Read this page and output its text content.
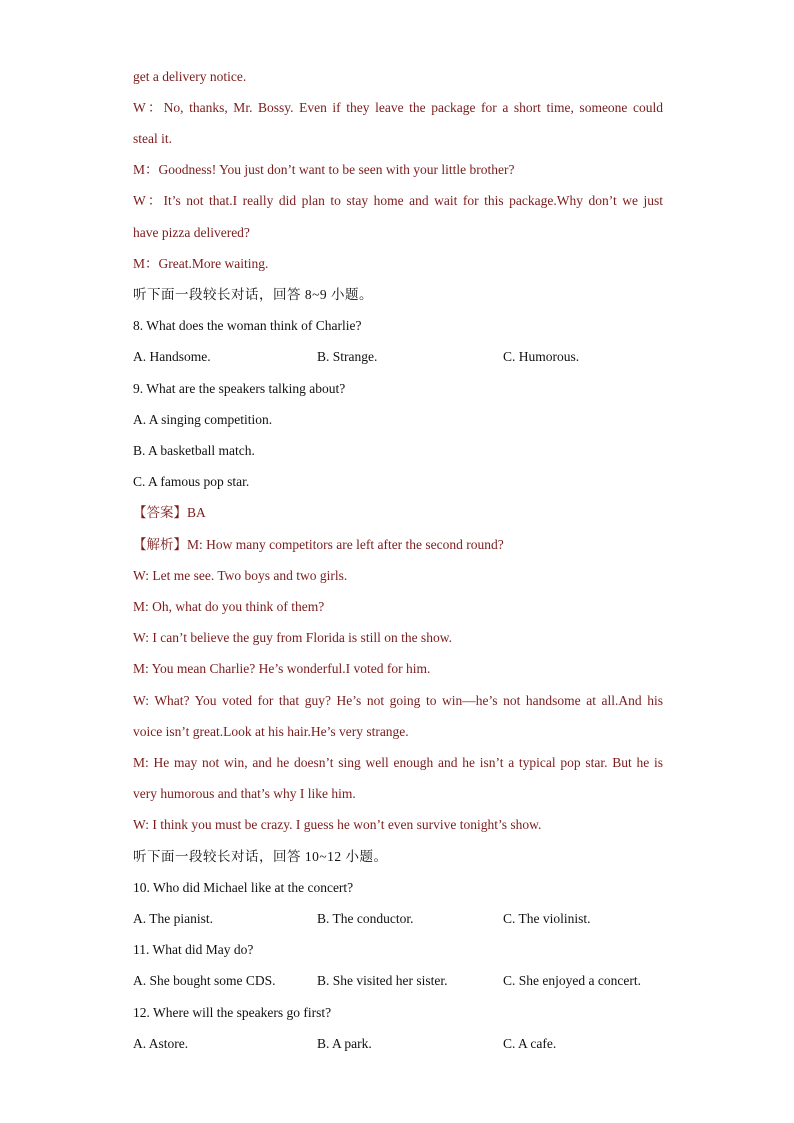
get a delivery notice.
W：No, thanks, Mr. Bossy. Even if they leave the package for a short time, someone could
steal it.
M：Goodness! You just don’t want to be seen with your little brother?
W：It’s not that.I really did plan to stay home and wait for this package.Why don’t we just
have pizza delivered?
M：Great.More waiting.
听下面一段较长对话，回答 8~9 小题。
8. What does the woman think of Charlie?
A. Handsome.	B. Strange.	C. Humorous.
9. What are the speakers talking about?
A. A singing competition.
B. A basketball match.
C. A famous pop star.
【答案】BA
【解析】M: How many competitors are left after the second round?
W: Let me see. Two boys and two girls.
M: Oh, what do you think of them?
W: I can’t believe the guy from Florida is still on the show.
M: You mean Charlie? He’s wonderful.I voted for him.
W: What? You voted for that guy? He’s not going to win—he’s not handsome at all.And his
voice isn’t great.Look at his hair.He’s very strange.
M: He may not win, and he doesn’t sing well enough and he isn’t a typical pop star. But he is
very humorous and that’s why I like him.
W: I think you must be crazy. I guess he won’t even survive tonight’s show.
听下面一段较长对话，回答 10~12 小题。
10. Who did Michael like at the concert?
A. The pianist.	B. The conductor.	C. The violinist.
11. What did May do?
A. She bought some CDS.	B. She visited her sister.	C. She enjoyed a concert.
12. Where will the speakers go first?
A. Astore.	B. A park.	C. A cafe.
